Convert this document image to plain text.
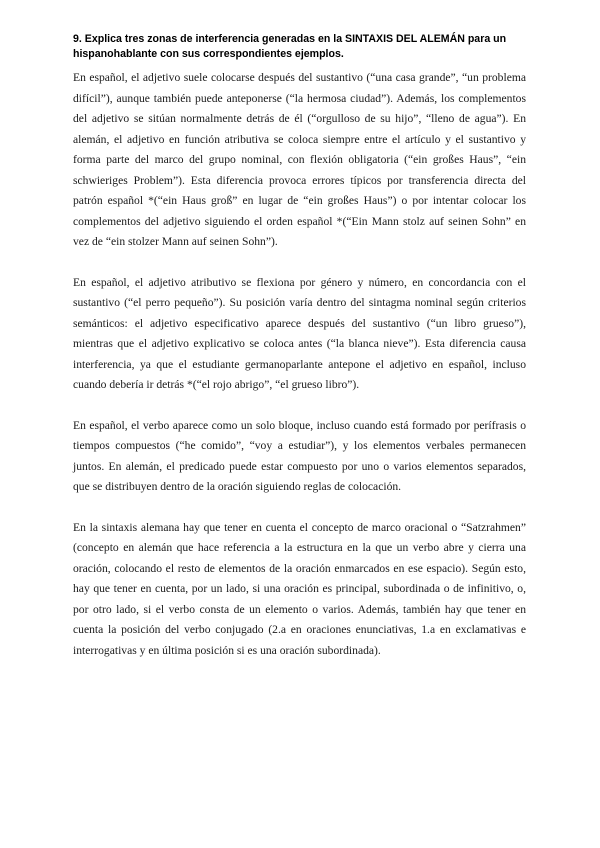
9. Explica tres zonas de interferencia generadas en la SINTAXIS DEL ALEMÁN para un hispanohablante con sus correspondientes ejemplos.

En español, el adjetivo suele colocarse después del sustantivo (“una casa grande”, “un problema difícil”), aunque también puede anteponerse (“la hermosa ciudad”). Además, los complementos del adjetivo se sitúan normalmente detrás de él (“orgulloso de su hijo”, “lleno de agua”). En alemán, el adjetivo en función atributiva se coloca siempre entre el artículo y el sustantivo y forma parte del marco del grupo nominal, con flexión obligatoria (“ein großes Haus”, “ein schwieriges Problem”). Esta diferencia provoca errores típicos por transferencia directa del patrón español *(“ein Haus groß” en lugar de “ein großes Haus”) o por intentar colocar los complementos del adjetivo siguiendo el orden español *(“Ein Mann stolz auf seinen Sohn” en vez de “ein stolzer Mann auf seinen Sohn”).

En español, el adjetivo atributivo se flexiona por género y número, en concordancia con el sustantivo (“el perro pequeño”). Su posición varía dentro del sintagma nominal según criterios semánticos: el adjetivo especificativo aparece después del sustantivo (“un libro grueso”), mientras que el adjetivo explicativo se coloca antes (“la blanca nieve”). Esta diferencia causa interferencia, ya que el estudiante germanoparlante antepone el adjetivo en español, incluso cuando debería ir detrás *(“el rojo abrigo”, “el grueso libro”).

En español, el verbo aparece como un solo bloque, incluso cuando está formado por perífrasis o tiempos compuestos (“he comido”, “voy a estudiar”), y los elementos verbales permanecen juntos. En alemán, el predicado puede estar compuesto por uno o varios elementos separados, que se distribuyen dentro de la oración siguiendo reglas de colocación.

En la sintaxis alemana hay que tener en cuenta el concepto de marco oracional o “Satzrahmen” (concepto en alemán que hace referencia a la estructura en la que un verbo abre y cierra una oración, colocando el resto de elementos de la oración enmarcados en ese espacio). Según esto, hay que tener en cuenta, por un lado, si una oración es principal, subordinada o de infinitivo, o, por otro lado, si el verbo consta de un elemento o varios. Además, también hay que tener en cuenta la posición del verbo conjugado (2.a en oraciones enunciativas, 1.a en exclamativas e interrogativas y en última posición si es una oración subordinada).
